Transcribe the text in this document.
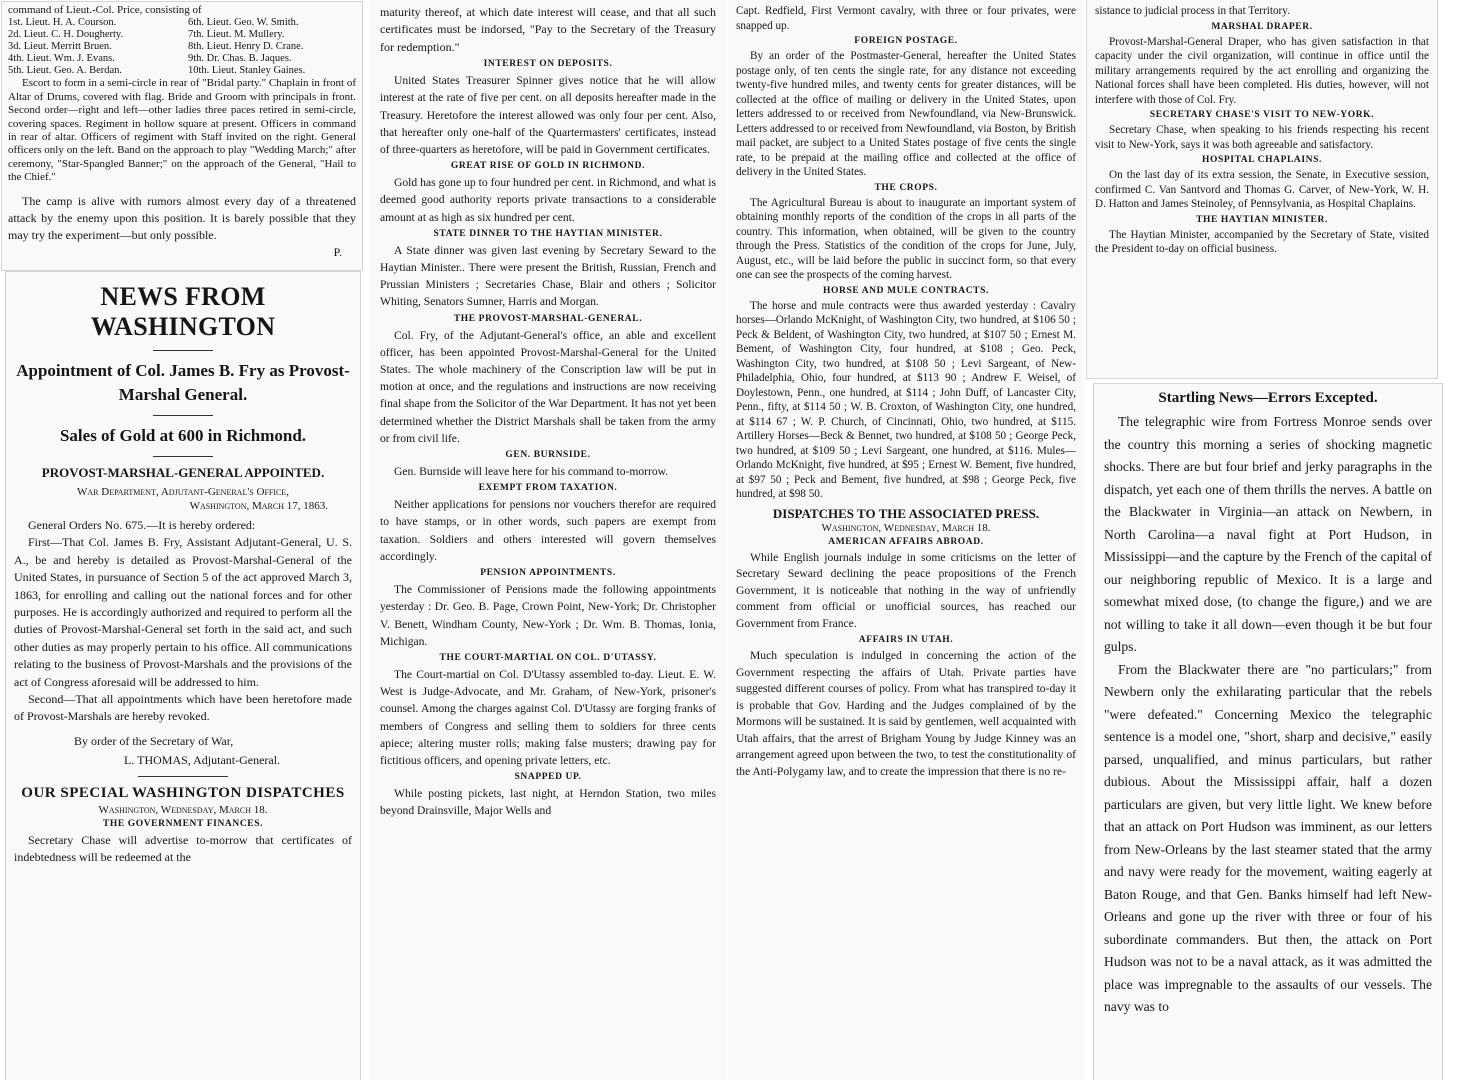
command of Lieut.-Col. Price, consisting of

1st. Lieut. H. A. Courson.
2d. Lieut. C. H. Dougherty.
3d. Lieut. Merritt Bruen.
4th. Lieut. Wm. J. Evans.
5th. Lieut. Geo. A. Berdan.
6th. Lieut. Geo. W. Smith.
7th. Lieut. M. Mullery.
8th. Lieut. Henry D. Crane.
9th. Dr. Chas. B. Jaques.
10th. Lieut. Stanley Gaines.

Escort to form in a semi-circle in rear of "Bridal party." Chaplain in front of Altar of Drums, covered with flag. Bride and Groom with principals in front. Second order—right and left—other ladies three paces retired in semi-circle, covering spaces. Regiment in hollow square at present. Officers in command in rear of altar. Officers of regiment with Staff invited on the right. General officers only on the left. Band on the approach to play "Wedding March;" after ceremony, "Star-Spangled Banner;" on the approach of the General, "Hail to the Chief."

The camp is alive with rumors almost every day of a threatened attack by the enemy upon this position. It is barely possible that they may try the experiment—but only possible.

P.
NEWS FROM WASHINGTON
Appointment of Col. James B. Fry as Provost-Marshal General.
Sales of Gold at 600 in Richmond.
PROVOST-MARSHAL-GENERAL APPOINTED.
War Department, Adjutant-General's Office,
Washington, March 17, 1863.

General Orders No. 675.—It is hereby ordered:

First—That Col. James B. Fry, Assistant Adjutant-General, U. S. A., be and hereby is detailed as Provost-Marshal-General of the United States, in pursuance of Section 5 of the act approved March 3, 1863, for enrolling and calling out the national forces and for other purposes. He is accordingly authorized and required to perform all the duties of Provost-Marshal-General set forth in the said act, and such other duties as may properly pertain to his office. All communications relating to the business of Provost-Marshals and the provisions of the act of Congress aforesaid will be addressed to him.

Second—That all appointments which have been heretofore made of Provost-Marshals are hereby revoked.

By order of the Secretary of War,
L. THOMAS, Adjutant-General.
OUR SPECIAL WASHINGTON DISPATCHES
Washington, Wednesday, March 18.
THE GOVERNMENT FINANCES.

Secretary Chase will advertise to-morrow that certificates of indebtedness will be redeemed at the

maturity thereof, at which date interest will cease, and that all such certificates must be indorsed, "Pay to the Secretary of the Treasury for redemption."

INTEREST ON DEPOSITS.

United States Treasurer Spinner gives notice that he will allow interest at the rate of five per cent. on all deposits hereafter made in the Treasury. Heretofore the interest allowed was only four per cent. Also, that hereafter only one-half of the Quartermasters' certificates, instead of three-quarters as heretofore, will be paid in Government certificates.

GREAT RISE OF GOLD IN RICHMOND.

Gold has gone up to four hundred per cent. in Richmond, and what is deemed good authority reports private transactions to a considerable amount at as high as six hundred per cent.

STATE DINNER TO THE HAYTIAN MINISTER.

A State dinner was given last evening by Secretary Seward to the Haytian Minister.. There were present the British, Russian, French and Prussian Ministers ; Secretaries Chase, Blair and others ; Solicitor Whiting, Senators Sumner, Harris and Morgan.

THE PROVOST-MARSHAL-GENERAL.

Col. Fry, of the Adjutant-General's office, an able and excellent officer, has been appointed Provost-Marshal-General for the United States. The whole machinery of the Conscription law will be put in motion at once, and the regulations and instructions are now receiving final shape from the Solicitor of the War Department. It has not yet been determined whether the District Marshals shall be taken from the army or from civil life.

GEN. BURNSIDE.

Gen. Burnside will leave here for his command to-morrow.

EXEMPT FROM TAXATION.

Neither applications for pensions nor vouchers therefor are required to have stamps, or in other words, such papers are exempt from taxation. Soldiers and others interested will govern themselves accordingly.

PENSION APPOINTMENTS.

The Commissioner of Pensions made the following appointments yesterday : Dr. Geo. B. Page, Crown Point, New-York; Dr. Christopher V. Benett, Windham County, New-York ; Dr. Wm. B. Thomas, Ionia, Michigan.

THE COURT-MARTIAL ON COL. D'UTASSY.

The Court-martial on Col. D'Utassy assembled to-day. Lieut. E. W. West is Judge-Advocate, and Mr. Graham, of New-York, prisoner's counsel. Among the charges against Col. D'Utassy are forging franks of members of Congress and selling them to soldiers for three cents apiece; altering muster rolls; making false musters; drawing pay for fictitious officers, and opening private letters, etc.

SNAPPED UP.

While posting pickets, last night, at Herndon Station, two miles beyond Drainsville, Major Wells and

Capt. Redfield, First Vermont cavalry, with three or four privates, were snapped up.

FOREIGN POSTAGE.

By an order of the Postmaster-General, hereafter the United States postage only, of ten cents the single rate, for any distance not exceeding twenty-five hundred miles, and twenty cents for greater distances, will be collected at the office of mailing or delivery in the United States, upon letters addressed to or received from Newfoundland, via New-Brunswick. Letters addressed to or received from Newfoundland, via Boston, by British mail packet, are subject to a United States postage of five cents the single rate, to be prepaid at the mailing office and collected at the office of delivery in the United States.

THE CROPS.

The Agricultural Bureau is about to inaugurate an important system of obtaining monthly reports of the condition of the crops in all parts of the country. This information, when obtained, will be given to the country through the Press. Statistics of the condition of the crops for June, July, August, etc., will be laid before the public in succinct form, so that every one can see the prospects of the coming harvest.

HORSE AND MULE CONTRACTS.

The horse and mule contracts were thus awarded yesterday : Cavalry horses—Orlando McKnight, of Washington City, two hundred, at $106 50 ; Peck & Beldent, of Washington City, two hundred, at $107 50 ; Ernest M. Bement, of Washington City, four hundred, at $108 ; Geo. Peck, Washington City, two hundred, at $108 50 ; Levi Sargeant, of New-Philadelphia, Ohio, four hundred, at $113 90 ; Andrew F. Weisel, of Doylestown, Penn., one hundred, at $114 ; John Duff, of Lancaster City, Penn., fifty, at $114 50 ; W. B. Croxton, of Washington City, one hundred, at $114 67 ; W. P. Church, of Cincinnati, Ohio, two hundred, at $115. Artillery Horses—Beck & Bennet, two hundred, at $108 50 ; George Peck, two hundred, at $109 50 ; Levi Sargeant, one hundred, at $116. Mules—Orlando McKnight, five hundred, at $95 ; Ernest W. Bement, five hundred, at $97 50 ; Peck and Bement, five hundred, at $98 ; George Peck, five hundred, at $98 50.

DISPATCHES TO THE ASSOCIATED PRESS.
Washington, Wednesday, March 18.
AMERICAN AFFAIRS ABROAD.

While English journals indulge in some criticisms on the letter of Secretary Seward declining the peace propositions of the French Government, it is noticeable that nothing in the way of unfriendly comment from official or unofficial sources, has reached our Government from France.

AFFAIRS IN UTAH.

Much speculation is indulged in concerning the action of the Government respecting the affairs of Utah. Private parties have suggested different courses of policy. From what has transpired to-day it is probable that Gov. Harding and the Judges complained of by the Mormons will be sustained. It is said by gentlemen, well acquainted with Utah affairs, that the arrest of Brigham Young by Judge Kinney was an arrangement agreed upon between the two, to test the constitutionality of the Anti-Polygamy law, and to create the impression that there is no re-

sistance to judicial process in that Territory.

MARSHAL DRAPER.

Provost-Marshal-General Draper, who has given satisfaction in that capacity under the civil organization, will continue in office until the military arrangements required by the act enrolling and organizing the National forces shall have been completed. His duties, however, will not interfere with those of Col. Fry.

SECRETARY CHASE'S VISIT TO NEW-YORK.

Secretary Chase, when speaking to his friends respecting his recent visit to New-York, says it was both agreeable and satisfactory.

HOSPITAL CHAPLAINS.

On the last day of its extra session, the Senate, in Executive session, confirmed C. Van Santvord and Thomas G. Carver, of New-York, W. H. D. Hatton and James Steinoley, of Pennsylvania, as Hospital Chaplains.

THE HAYTIAN MINISTER.

The Haytian Minister, accompanied by the Secretary of State, visited the President to-day on official business.

Startling News—Errors Excepted.

The telegraphic wire from Fortress Monroe sends over the country this morning a series of shocking magnetic shocks. There are but four brief and jerky paragraphs in the dispatch, yet each one of them thrills the nerves. A battle on the Blackwater in Virginia—an attack on Newbern, in North Carolina—a naval fight at Port Hudson, in Mississippi—and the capture by the French of the capital of our neighboring republic of Mexico. It is a large and somewhat mixed dose, (to change the figure,) and we are not willing to take it all down—even though it be but four gulps.

From the Blackwater there are "no particulars;" from Newbern only the exhilarating particular that the rebels "were defeated." Concerning Mexico the telegraphic sentence is a model one, "short, sharp and decisive," easily parsed, unqualified, and minus particulars, but rather dubious. About the Mississippi affair, half a dozen particulars are given, but very little light. We knew before that an attack on Port Hudson was imminent, as our letters from New-Orleans by the last steamer stated that the army and navy were ready for the movement, waiting eagerly at Baton Rouge, and that Gen. Banks himself had left New-Orleans and gone up the river with three or four of his subordinate commanders. But then, the attack on Port Hudson was not to be a naval attack, as it was admitted the place was impregnable to the assaults of our vessels. The navy was to
